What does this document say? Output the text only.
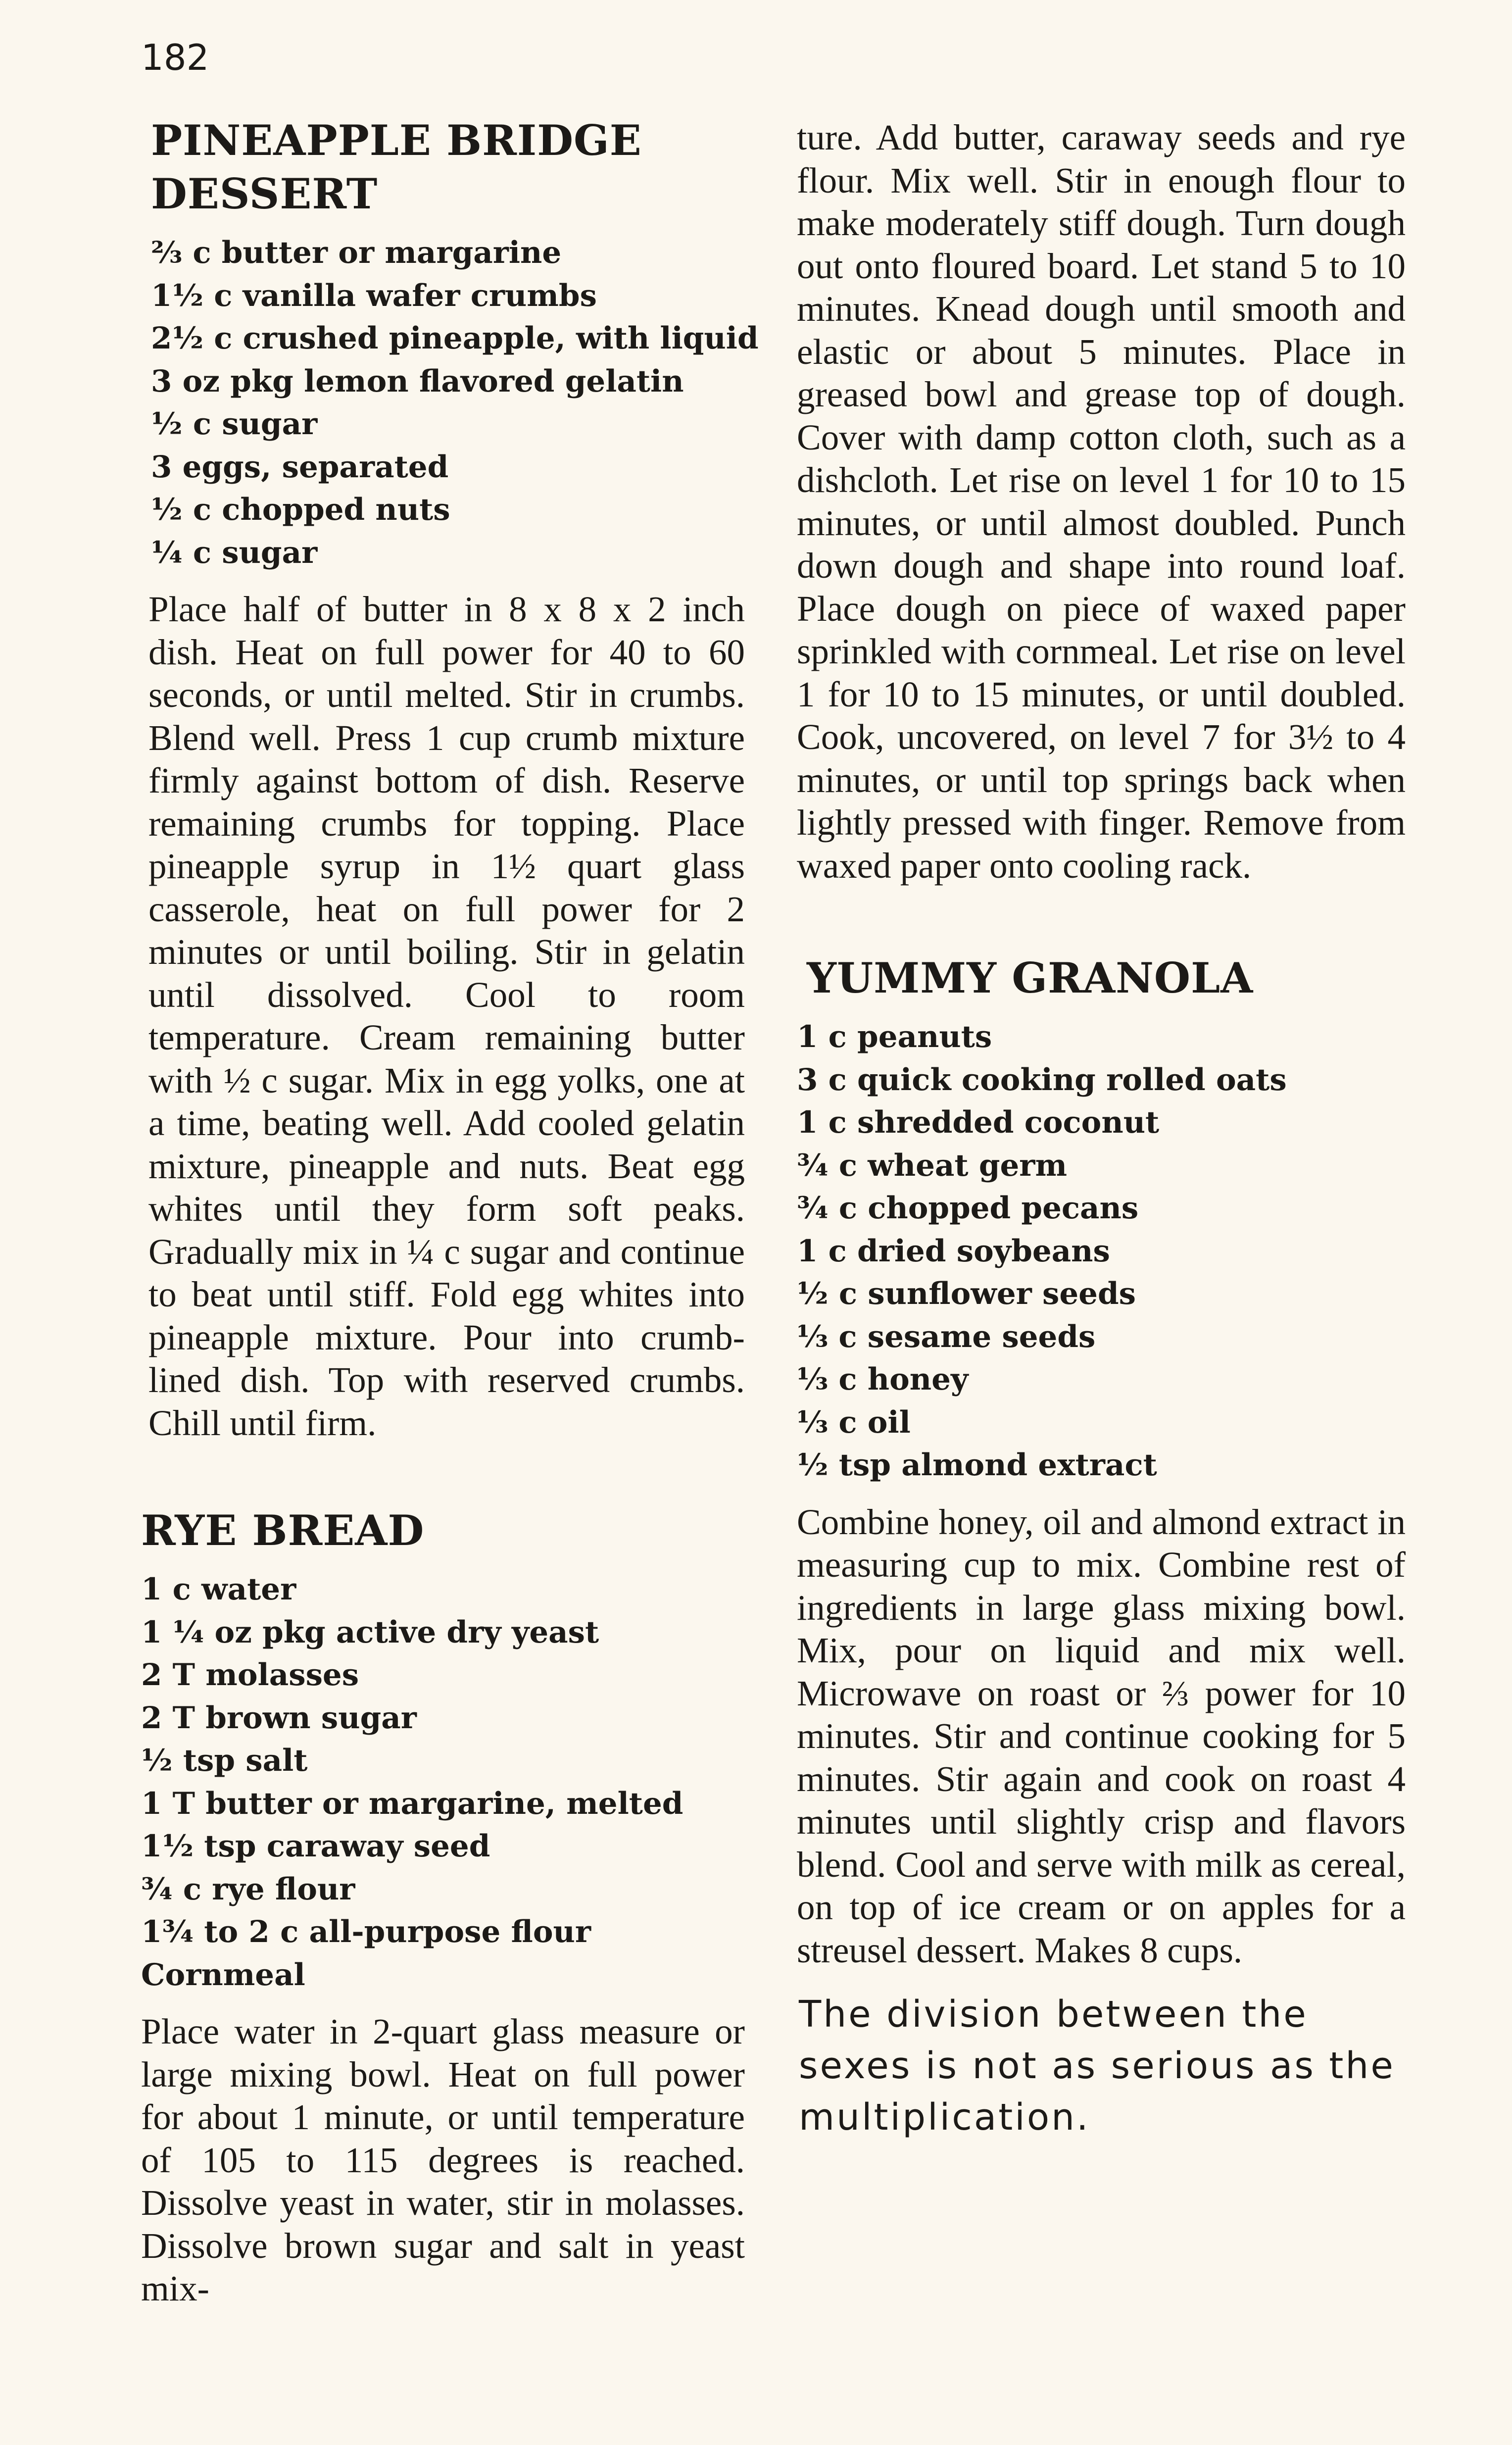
182
PINEAPPLE BRIDGE
DESSERT
⅔ c butter or margarine
1½ c vanilla wafer crumbs
2½ c crushed pineapple, with liquid
3 oz pkg lemon flavored gelatin
½ c sugar
3 eggs, separated
½ c chopped nuts
¼ c sugar

Place half of butter in 8 x 8 x 2 inch dish. Heat on full power for 40 to 60 seconds, or until melted. Stir in crumbs. Blend well. Press 1 cup crumb mixture firmly against bottom of dish. Reserve remaining crumbs for topping. Place pineapple syrup in 1½ quart glass casserole, heat on full power for 2 minutes or until boiling. Stir in gelatin until dissolved. Cool to room temperature. Cream remaining butter with ½ c sugar. Mix in egg yolks, one at a time, beating well. Add cooled gelatin mixture, pineapple and nuts. Beat egg whites until they form soft peaks. Gradually mix in ¼ c sugar and continue to beat until stiff. Fold egg whites into pineapple mixture. Pour into crumb-lined dish. Top with reserved crumbs. Chill until firm.

RYE BREAD
1 c water
1 ¼ oz pkg active dry yeast
2 T molasses
2 T brown sugar
½ tsp salt
1 T butter or margarine, melted
1½ tsp caraway seed
¾ c rye flour
1¾ to 2 c all-purpose flour
Cornmeal

Place water in 2-quart glass measure or large mixing bowl. Heat on full power for about 1 minute, or until temperature of 105 to 115 degrees is reached. Dissolve yeast in water, stir in molasses. Dissolve brown sugar and salt in yeast mix-

ture. Add butter, caraway seeds and rye flour. Mix well. Stir in enough flour to make moderately stiff dough. Turn dough out onto floured board. Let stand 5 to 10 minutes. Knead dough until smooth and elastic or about 5 minutes. Place in greased bowl and grease top of dough. Cover with damp cotton cloth, such as a dishcloth. Let rise on level 1 for 10 to 15 minutes, or until almost doubled. Punch down dough and shape into round loaf. Place dough on piece of waxed paper sprinkled with cornmeal. Let rise on level 1 for 10 to 15 minutes, or until doubled. Cook, uncovered, on level 7 for 3½ to 4 minutes, or until top springs back when lightly pressed with finger. Remove from waxed paper onto cooling rack.

YUMMY GRANOLA
1 c peanuts
3 c quick cooking rolled oats
1 c shredded coconut
¾ c wheat germ
¾ c chopped pecans
1 c dried soybeans
½ c sunflower seeds
⅓ c sesame seeds
⅓ c honey
⅓ c oil
½ tsp almond extract

Combine honey, oil and almond extract in measuring cup to mix. Combine rest of ingredients in large glass mixing bowl. Mix, pour on liquid and mix well. Microwave on roast or ⅔ power for 10 minutes. Stir and continue cooking for 5 minutes. Stir again and cook on roast 4 minutes until slightly crisp and flavors blend. Cool and serve with milk as cereal, on top of ice cream or on apples for a streusel dessert. Makes 8 cups.

The division between the sexes is not as serious as the multiplication.
